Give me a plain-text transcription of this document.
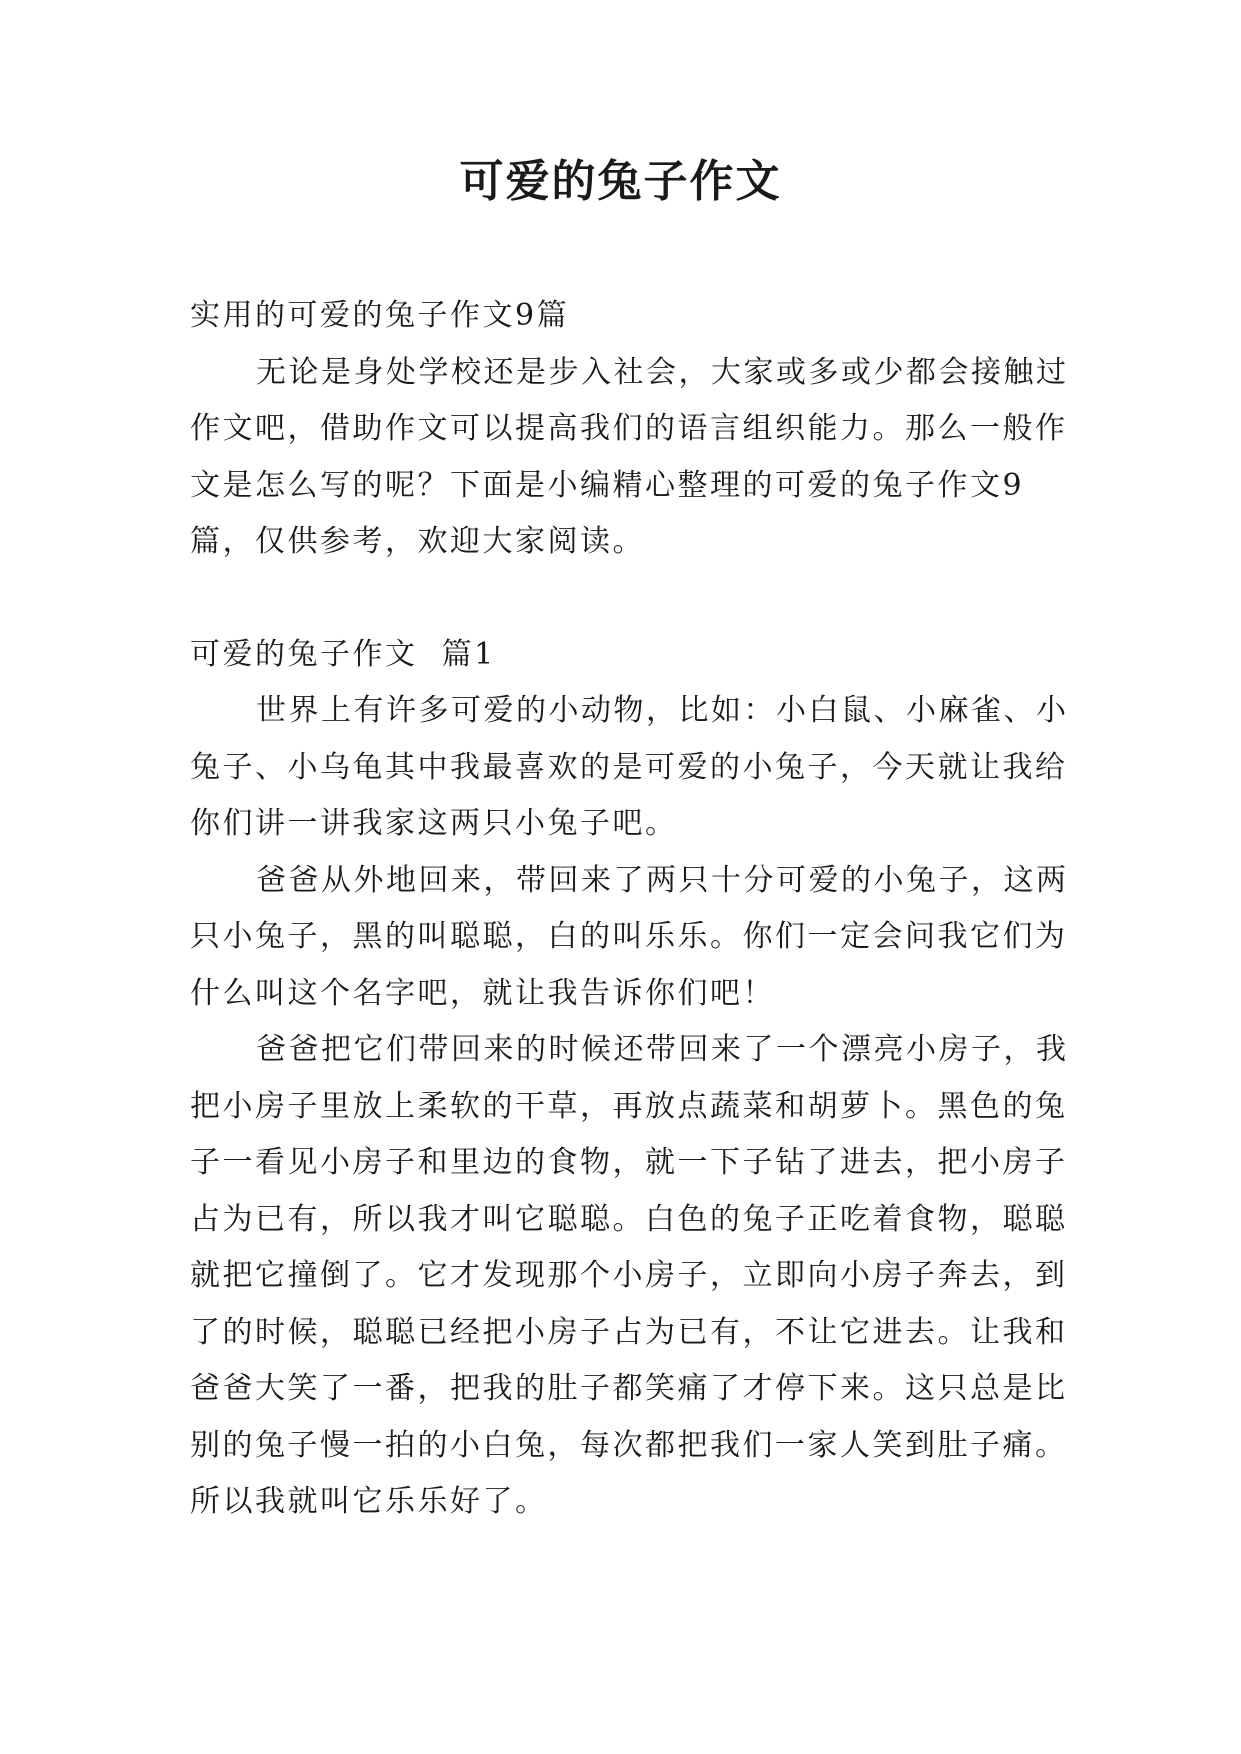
可爱的兔子作文

实用的可爱的兔子作文9篇

无论是身处学校还是步入社会，大家或多或少都会接触过作文吧，借助作文可以提高我们的语言组织能力。那么一般作文是怎么写的呢？下面是小编精心整理的可爱的兔子作文9篇，仅供参考，欢迎大家阅读。

可爱的兔子作文  篇1

世界上有许多可爱的小动物，比如：小白鼠、小麻雀、小兔子、小乌龟其中我最喜欢的是可爱的小兔子，今天就让我给你们讲一讲我家这两只小兔子吧。

爸爸从外地回来，带回来了两只十分可爱的小兔子，这两只小兔子，黑的叫聪聪，白的叫乐乐。你们一定会问我它们为什么叫这个名字吧，就让我告诉你们吧！

爸爸把它们带回来的时候还带回来了一个漂亮小房子，我把小房子里放上柔软的干草，再放点蔬菜和胡萝卜。黑色的兔子一看见小房子和里边的食物，就一下子钻了进去，把小房子占为已有，所以我才叫它聪聪。白色的兔子正吃着食物，聪聪就把它撞倒了。它才发现那个小房子，立即向小房子奔去，到了的时候，聪聪已经把小房子占为已有，不让它进去。让我和爸爸大笑了一番，把我的肚子都笑痛了才停下来。这只总是比别的兔子慢一拍的小白兔，每次都把我们一家人笑到肚子痛。所以我就叫它乐乐好了。
